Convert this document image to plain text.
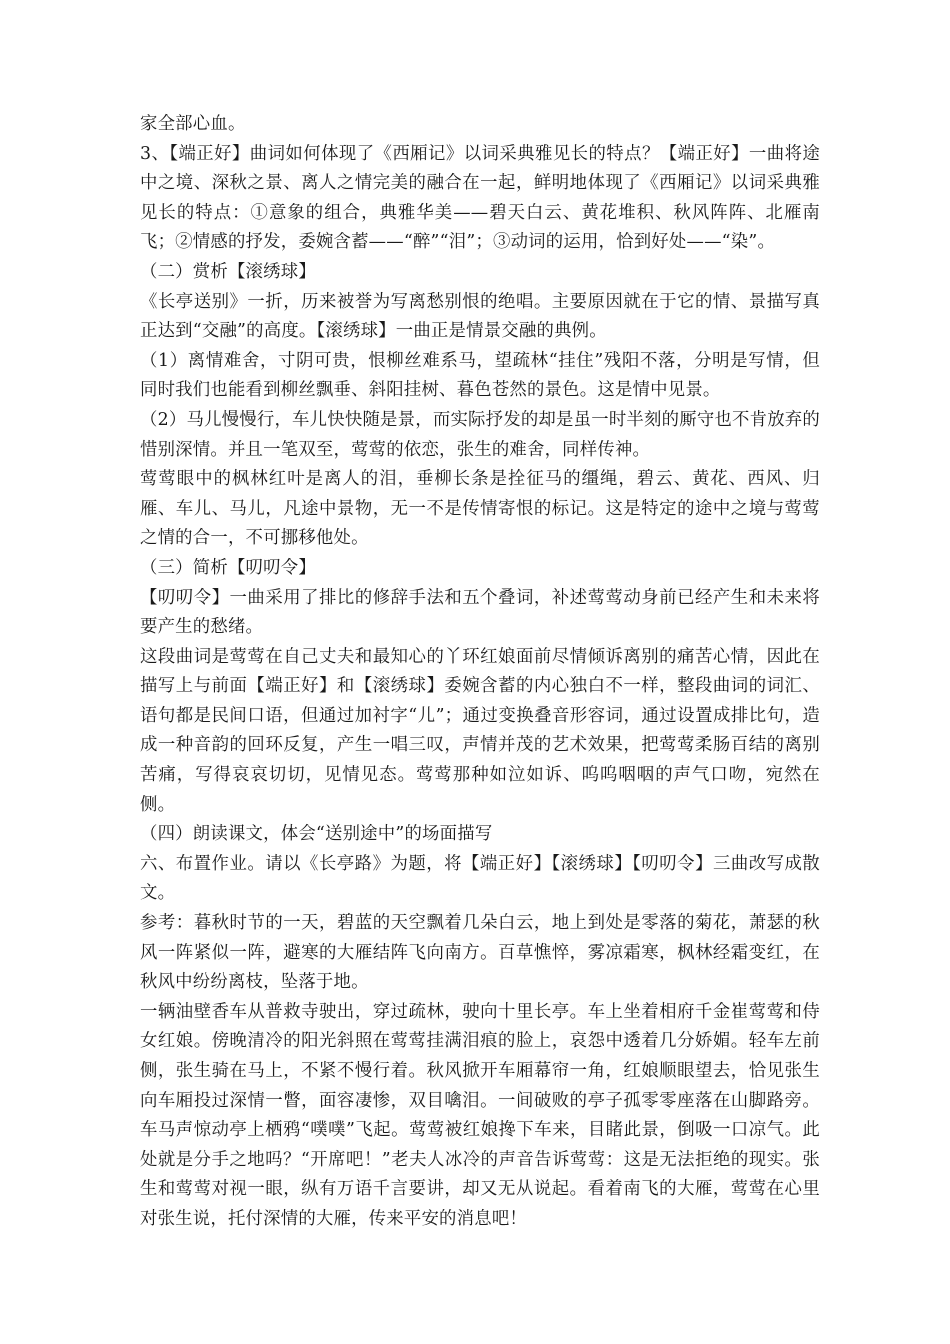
家全部心血。

3、【端正好】曲词如何体现了《西厢记》以词采典雅见长的特点？【端正好】一曲将途中之境、深秋之景、离人之情完美的融合在一起，鲜明地体现了《西厢记》以词采典雅见长的特点：①意象的组合，典雅华美——碧天白云、黄花堆积、秋风阵阵、北雁南飞；②情感的抒发，委婉含蓄——“醉”“泪”；③动词的运用，恰到好处——“染”。

（二）赏析【滚绣球】

《长亭送别》一折，历来被誉为写离愁别恨的绝唱。主要原因就在于它的情、景描写真正达到“交融”的高度。【滚绣球】一曲正是情景交融的典例。

（1）离情难舍，寸阴可贵，恨柳丝难系马，望疏林“挂住”残阳不落，分明是写情，但同时我们也能看到柳丝飘垂、斜阳挂树、暮色苍然的景色。这是情中见景。

（2）马儿慢慢行，车儿快快随是景，而实际抒发的却是虽一时半刻的厮守也不肯放弃的惜别深情。并且一笔双至，莺莺的依恋，张生的难舍，同样传神。

莺莺眼中的枫林红叶是离人的泪，垂柳长条是拴征马的缰绳，碧云、黄花、西风、归雁、车儿、马儿，凡途中景物，无一不是传情寄恨的标记。这是特定的途中之境与莺莺之情的合一，不可挪移他处。

（三）简析【叨叨令】

【叨叨令】一曲采用了排比的修辞手法和五个叠词，补述莺莺动身前已经产生和未来将要产生的愁绪。

这段曲词是莺莺在自己丈夫和最知心的丫环红娘面前尽情倾诉离别的痛苦心情，因此在描写上与前面【端正好】和【滚绣球】委婉含蓄的内心独白不一样，整段曲词的词汇、语句都是民间口语，但通过加衬字“儿”；通过变换叠音形容词，通过设置成排比句，造成一种音韵的回环反复，产生一唱三叹，声情并茂的艺术效果，把莺莺柔肠百结的离别苦痛，写得哀哀切切，见情见态。莺莺那种如泣如诉、呜呜咽咽的声气口吻，宛然在侧。

（四）朗读课文，体会“送别途中”的场面描写

六、布置作业。请以《长亭路》为题，将【端正好】【滚绣球】【叨叨令】三曲改写成散文。

参考：暮秋时节的一天，碧蓝的天空飘着几朵白云，地上到处是零落的菊花，萧瑟的秋风一阵紧似一阵，避寒的大雁结阵飞向南方。百草憔悴，雾凉霜寒，枫林经霜变红，在秋风中纷纷离枝，坠落于地。

一辆油壁香车从普救寺驶出，穿过疏林，驶向十里长亭。车上坐着相府千金崔莺莺和侍女红娘。傍晚清冷的阳光斜照在莺莺挂满泪痕的脸上，哀怨中透着几分娇媚。轻车左前侧，张生骑在马上，不紧不慢行着。秋风掀开车厢幕帘一角，红娘顺眼望去，恰见张生向车厢投过深情一瞥，面容凄惨，双目噙泪。一间破败的亭子孤零零座落在山脚路旁。车马声惊动亭上栖鸦“噗噗”飞起。莺莺被红娘搀下车来，目睹此景，倒吸一口凉气。此处就是分手之地吗？“开席吧！”老夫人冰冷的声音告诉莺莺：这是无法拒绝的现实。张生和莺莺对视一眼，纵有万语千言要讲，却又无从说起。看着南飞的大雁，莺莺在心里对张生说，托付深情的大雁，传来平安的消息吧！
